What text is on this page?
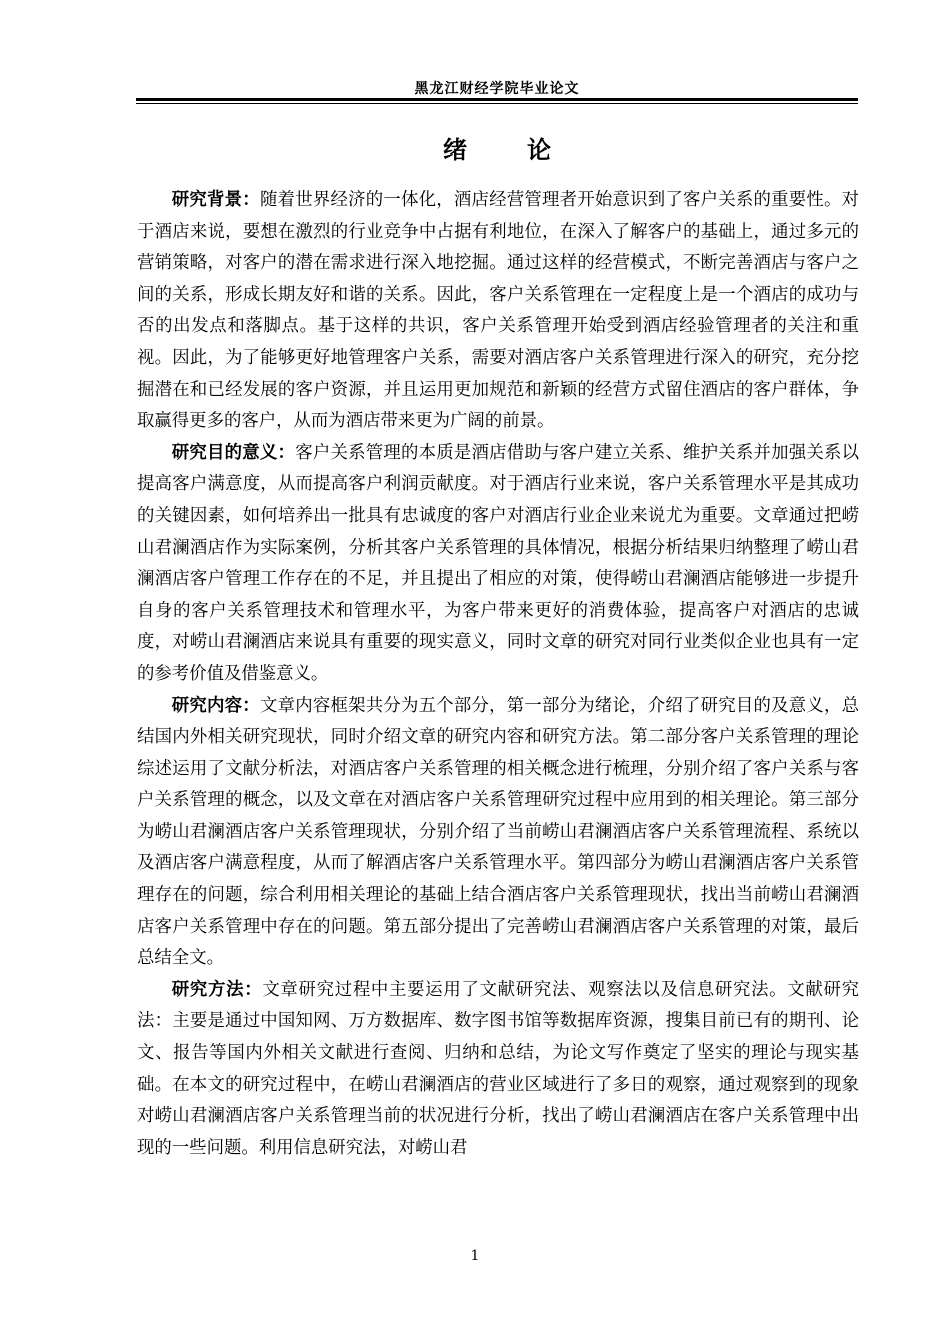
黑龙江财经学院毕业论文
绪	论

研究背景：随着世界经济的一体化，酒店经营管理者开始意识到了客户关系的重要性。对于酒店来说，要想在激烈的行业竞争中占据有利地位，在深入了解客户的基础上，通过多元的营销策略，对客户的潜在需求进行深入地挖掘。通过这样的经营模式，不断完善酒店与客户之间的关系，形成长期友好和谐的关系。因此，客户关系管理在一定程度上是一个酒店的成功与否的出发点和落脚点。基于这样的共识，客户关系管理开始受到酒店经验管理者的关注和重视。因此，为了能够更好地管理客户关系，需要对酒店客户关系管理进行深入的研究，充分挖掘潜在和已经发展的客户资源，并且运用更加规范和新颖的经营方式留住酒店的客户群体，争取赢得更多的客户，从而为酒店带来更为广阔的前景。

研究目的意义：客户关系管理的本质是酒店借助与客户建立关系、维护关系并加强关系以提高客户满意度，从而提高客户利润贡献度。对于酒店行业来说，客户关系管理水平是其成功的关键因素，如何培养出一批具有忠诚度的客户对酒店行业企业来说尤为重要。文章通过把崂山君澜酒店作为实际案例，分析其客户关系管理的具体情况，根据分析结果归纳整理了崂山君澜酒店客户管理工作存在的不足，并且提出了相应的对策，使得崂山君澜酒店能够进一步提升自身的客户关系管理技术和管理水平，为客户带来更好的消费体验，提高客户对酒店的忠诚度，对崂山君澜酒店来说具有重要的现实意义，同时文章的研究对同行业类似企业也具有一定的参考价值及借鉴意义。

研究内容：文章内容框架共分为五个部分，第一部分为绪论，介绍了研究目的及意义，总结国内外相关研究现状，同时介绍文章的研究内容和研究方法。第二部分客户关系管理的理论综述运用了文献分析法，对酒店客户关系管理的相关概念进行梳理，分别介绍了客户关系与客户关系管理的概念，以及文章在对酒店客户关系管理研究过程中应用到的相关理论。第三部分为崂山君澜酒店客户关系管理现状，分别介绍了当前崂山君澜酒店客户关系管理流程、系统以及酒店客户满意程度，从而了解酒店客户关系管理水平。第四部分为崂山君澜酒店客户关系管理存在的问题，综合利用相关理论的基础上结合酒店客户关系管理现状，找出当前崂山君澜酒店客户关系管理中存在的问题。第五部分提出了完善崂山君澜酒店客户关系管理的对策，最后总结全文。

研究方法：文章研究过程中主要运用了文献研究法、观察法以及信息研究法。文献研究法：主要是通过中国知网、万方数据库、数字图书馆等数据库资源，搜集目前已有的期刊、论文、报告等国内外相关文献进行查阅、归纳和总结，为论文写作奠定了坚实的理论与现实基础。在本文的研究过程中，在崂山君澜酒店的营业区域进行了多日的观察，通过观察到的现象对崂山君澜酒店客户关系管理当前的状况进行分析，找出了崂山君澜酒店在客户关系管理中出现的一些问题。利用信息研究法，对崂山君

1
